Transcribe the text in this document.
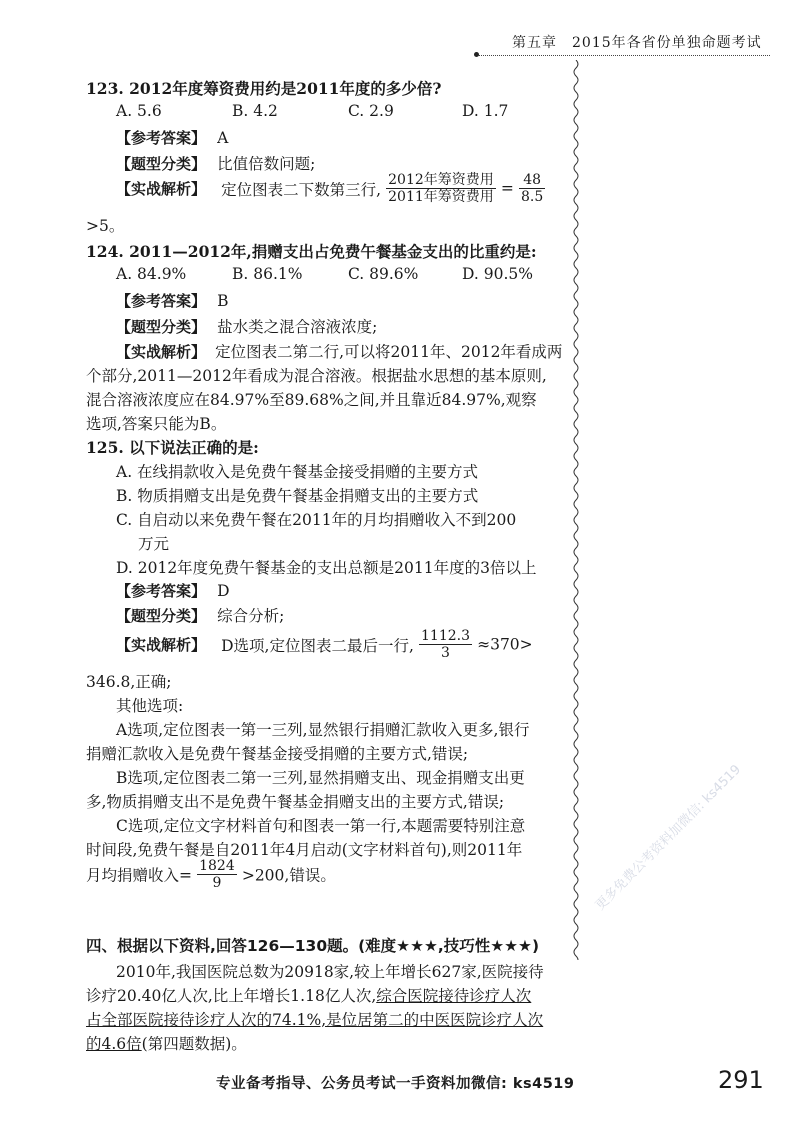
第五章　2015年各省份单独命题考试
123. 2012年度筹资费用约是2011年度的多少倍?
A. 5.6	B. 4.2	C. 2.9	D. 1.7
【参考答案】 A
【题型分类】 比值倍数问题;
【实战解析】 定位图表二下数第三行, $\frac{\text{2012年筹资费用}}{\text{2011年筹资费用}} = \frac{48}{8.5}$
>5。
124. 2011—2012年,捐赠支出占免费午餐基金支出的比重约是:
A. 84.9%	B. 86.1%	C. 89.6%	D. 90.5%
【参考答案】 B
【题型分类】 盐水类之混合溶液浓度;
【实战解析】 定位图表二第二行,可以将2011年、2012年看成两
个部分,2011—2012年看成为混合溶液。根据盐水思想的基本原则,
混合溶液浓度应在84.97%至89.68%之间,并且靠近84.97%,观察
选项,答案只能为B。
125. 以下说法正确的是:
A. 在线捐款收入是免费午餐基金接受捐赠的主要方式
B. 物质捐赠支出是免费午餐基金捐赠支出的主要方式
C. 自启动以来免费午餐在2011年的月均捐赠收入不到200
万元
D. 2012年度免费午餐基金的支出总额是2011年度的3倍以上
【参考答案】 D
【题型分类】 综合分析;
【实战解析】 D选项,定位图表二最后一行, $\frac{1112.3}{3} \approx 370>$
346.8,正确;
其他选项:
A选项,定位图表一第一三列,显然银行捐赠汇款收入更多,银行
捐赠汇款收入是免费午餐基金接受捐赠的主要方式,错误;
B选项,定位图表二第一三列,显然捐赠支出、现金捐赠支出更
多,物质捐赠支出不是免费午餐基金捐赠支出的主要方式,错误;
C选项,定位文字材料首句和图表一第一行,本题需要特别注意
时间段,免费午餐是自2011年4月启动(文字材料首句),则2011年
月均捐赠收入= $\frac{1824}{9} >200$,错误。
四、根据以下资料,回答126—130题。(难度★★★,技巧性★★★)
2010年,我国医院总数为20918家,较上年增长627家,医院接待
诊疗20.40亿人次,比上年增长1.18亿人次,综合医院接待诊疗人次
占全部医院接待诊疗人次的74.1%,是位居第二的中医医院诊疗人次
的4.6倍(第四题数据)。
更多免费公考资料加微信: ks4519
专业备考指导、公务员考试一手资料加微信: ks4519	291
